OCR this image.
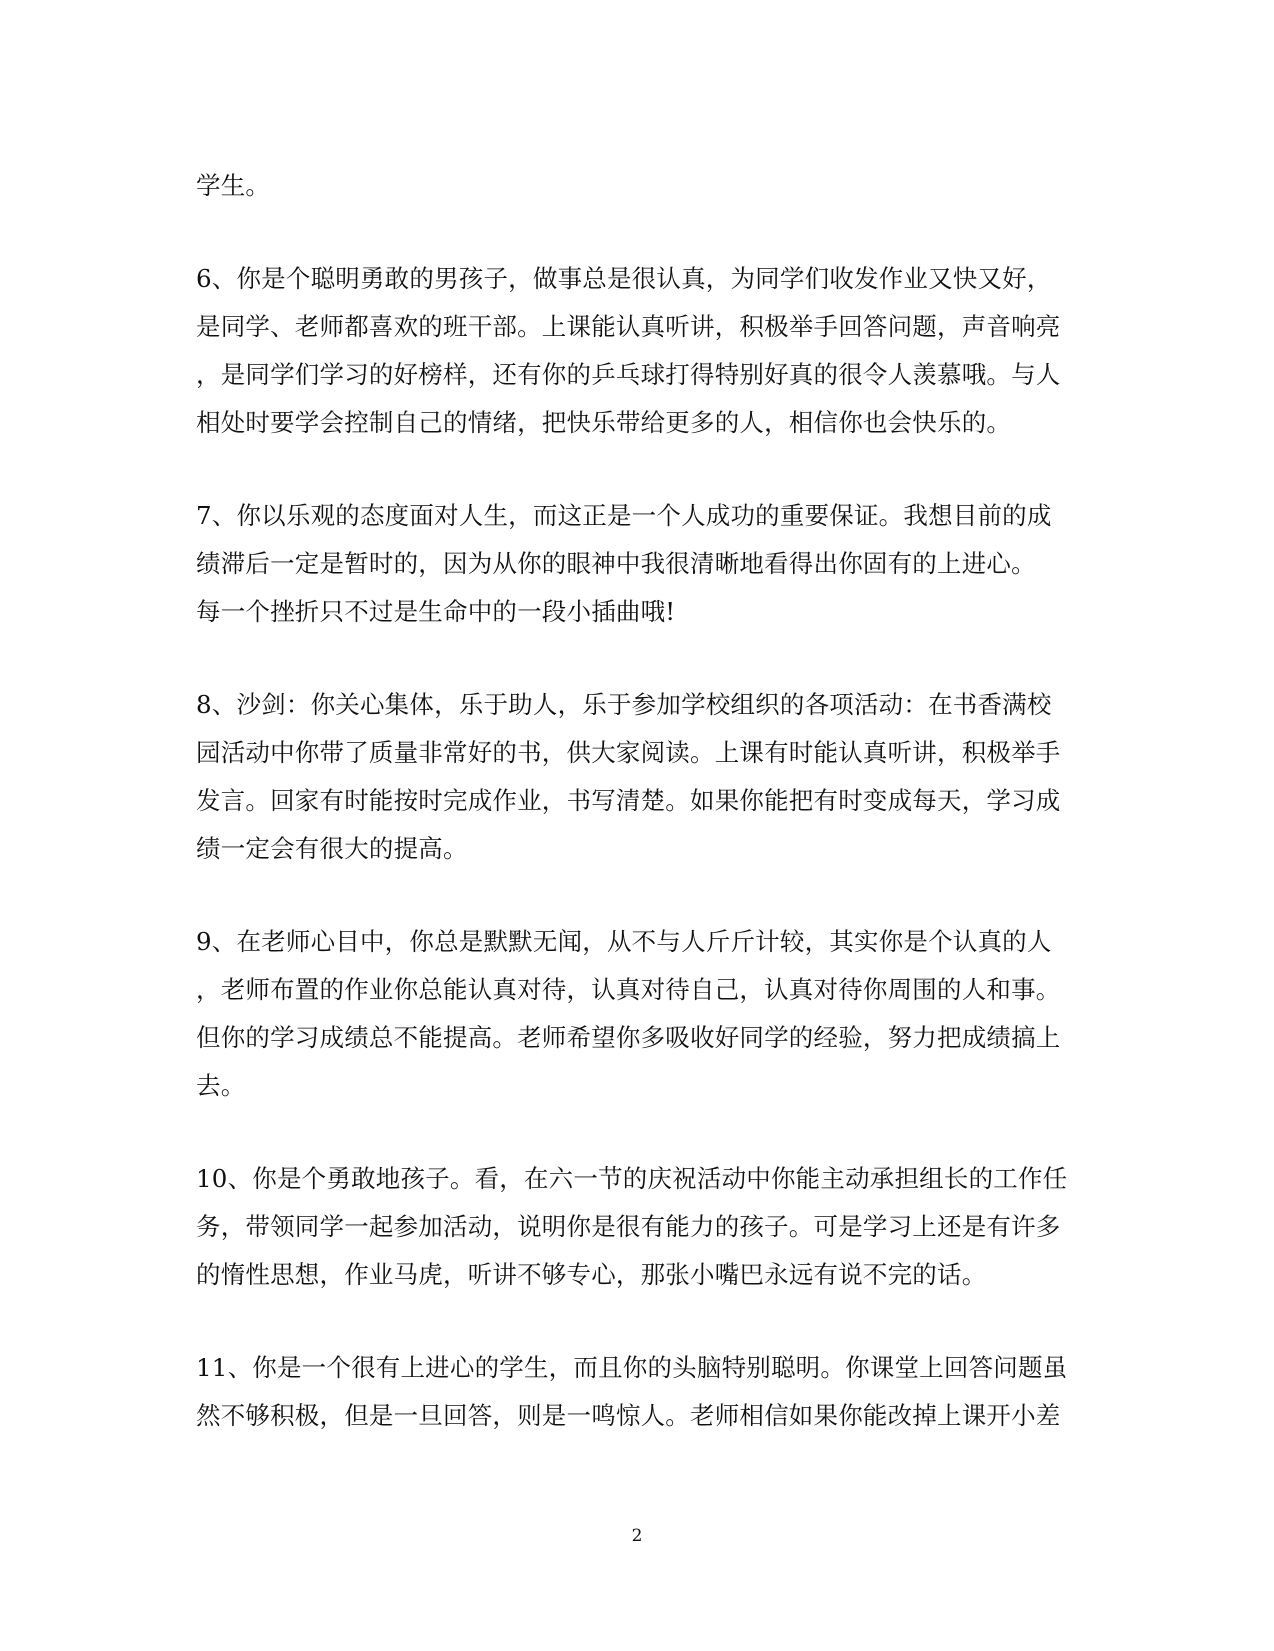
学生。

6、你是个聪明勇敢的男孩子，做事总是很认真，为同学们收发作业又快又好，
是同学、老师都喜欢的班干部。上课能认真听讲，积极举手回答问题，声音响亮
，是同学们学习的好榜样，还有你的乒乓球打得特别好真的很令人羡慕哦。与人
相处时要学会控制自己的情绪，把快乐带给更多的人，相信你也会快乐的。

7、你以乐观的态度面对人生，而这正是一个人成功的重要保证。我想目前的成
绩滞后一定是暂时的，因为从你的眼神中我很清晰地看得出你固有的上进心。
每一个挫折只不过是生命中的一段小插曲哦!

8、沙剑：你关心集体，乐于助人，乐于参加学校组织的各项活动：在书香满校
园活动中你带了质量非常好的书，供大家阅读。上课有时能认真听讲，积极举手
发言。回家有时能按时完成作业，书写清楚。如果你能把有时变成每天，学习成
绩一定会有很大的提高。

9、在老师心目中，你总是默默无闻，从不与人斤斤计较，其实你是个认真的人
，老师布置的作业你总能认真对待，认真对待自己，认真对待你周围的人和事。
但你的学习成绩总不能提高。老师希望你多吸收好同学的经验，努力把成绩搞上
去。

10、你是个勇敢地孩子。看，在六一节的庆祝活动中你能主动承担组长的工作任
务，带领同学一起参加活动，说明你是很有能力的孩子。可是学习上还是有许多
的惰性思想，作业马虎，听讲不够专心，那张小嘴巴永远有说不完的话。

11、你是一个很有上进心的学生，而且你的头脑特别聪明。你课堂上回答问题虽
然不够积极，但是一旦回答，则是一鸣惊人。老师相信如果你能改掉上课开小差

2
